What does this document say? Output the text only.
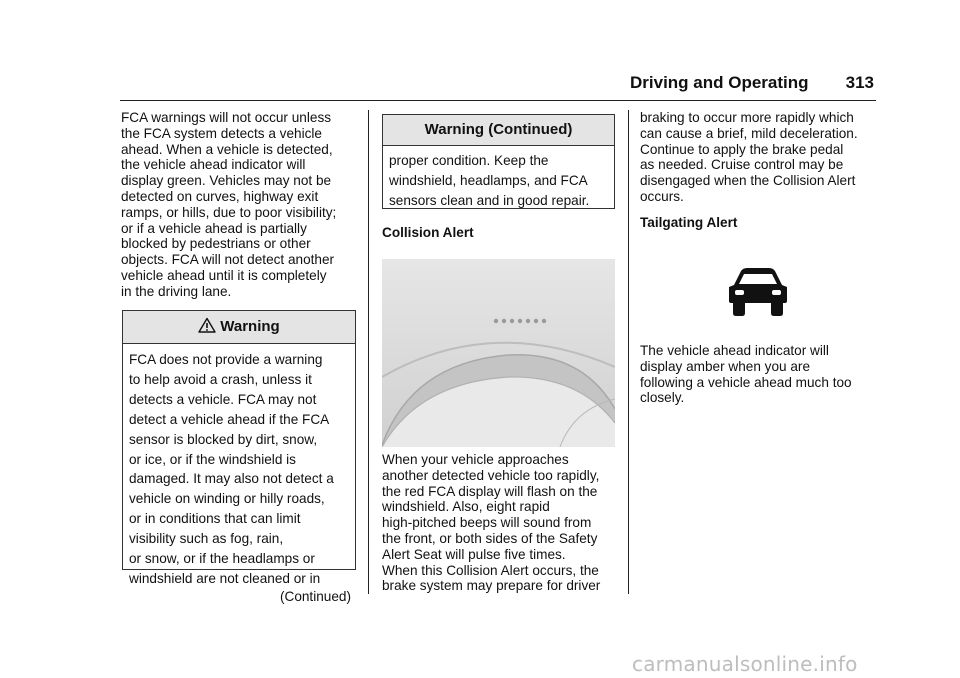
Driving and Operating 313

FCA warnings will not occur unless
the FCA system detects a vehicle
ahead. When a vehicle is detected,
the vehicle ahead indicator will
display green. Vehicles may not be
detected on curves, highway exit
ramps, or hills, due to poor visibility;
or if a vehicle ahead is partially
blocked by pedestrians or other
objects. FCA will not detect another
vehicle ahead until it is completely
in the driving lane.

Warning
FCA does not provide a warning
to help avoid a crash, unless it
detects a vehicle. FCA may not
detect a vehicle ahead if the FCA
sensor is blocked by dirt, snow,
or ice, or if the windshield is
damaged. It may also not detect a
vehicle on winding or hilly roads,
or in conditions that can limit
visibility such as fog, rain,
or snow, or if the headlamps or
windshield are not cleaned or in
(Continued)
Warning (Continued)
proper condition. Keep the
windshield, headlamps, and FCA
sensors clean and in good repair.
Collision Alert
When your vehicle approaches
another detected vehicle too rapidly,
the red FCA display will flash on the
windshield. Also, eight rapid
high-pitched beeps will sound from
the front, or both sides of the Safety
Alert Seat will pulse five times.
When this Collision Alert occurs, the
brake system may prepare for driver
braking to occur more rapidly which
can cause a brief, mild deceleration.
Continue to apply the brake pedal
as needed. Cruise control may be
disengaged when the Collision Alert
occurs.
Tailgating Alert
The vehicle ahead indicator will
display amber when you are
following a vehicle ahead much too
closely.
carmanualsonline.info
